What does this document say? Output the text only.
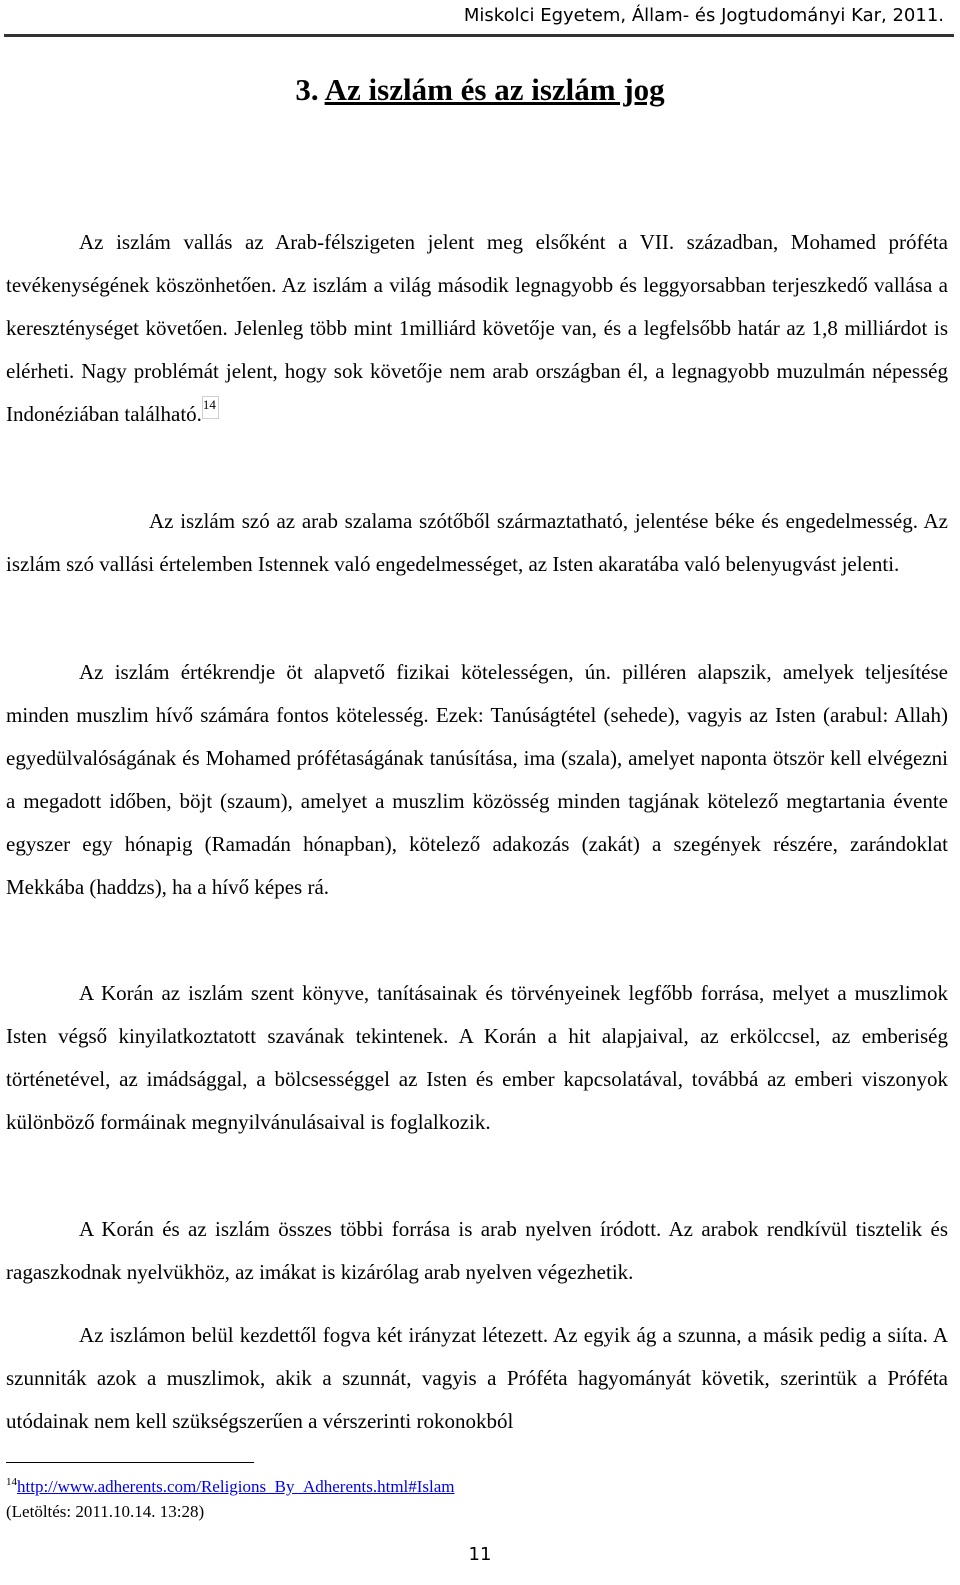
Miskolci Egyetem, Állam- és Jogtudományi Kar, 2011.
3. Az iszlám és az iszlám jog

Az iszlám vallás az Arab-félszigeten jelent meg elsőként a VII. században, Mohamed próféta tevékenységének köszönhetően. Az iszlám a világ második legnagyobb és leggyorsabban terjeszkedő vallása a kereszténységet követően. Jelenleg több mint 1milliárd követője van, és a legfelsőbb határ az 1,8 milliárdot is elérheti. Nagy problémát jelent, hogy sok követője nem arab országban él, a legnagyobb muzulmán népesség Indonéziában található.$^{14}$

Az iszlám szó az arab szalama szótőből származtatható, jelentése béke és engedelmesség. Az iszlám szó vallási értelemben Istennek való engedelmességet, az Isten akaratába való belenyugvást jelenti.

Az iszlám értékrendje öt alapvető fizikai kötelességen, ún. pilléren alapszik, amelyek teljesítése minden muszlim hívő számára fontos kötelesség. Ezek: Tanúságtétel (sehede), vagyis az Isten (arabul: Allah) egyedülvalóságának és Mohamed prófétaságának tanúsítása, ima (szala), amelyet naponta ötször kell elvégezni a megadott időben, böjt (szaum), amelyet a muszlim közösség minden tagjának kötelező megtartania évente egyszer egy hónapig (Ramadán hónapban), kötelező adakozás (zakát) a szegények részére, zarándoklat Mekkába (haddzs), ha a hívő képes rá.

A Korán az iszlám szent könyve, tanításainak és törvényeinek legfőbb forrása, melyet a muszlimok Isten végső kinyilatkoztatott szavának tekintenek. A Korán a hit alapjaival, az erkölccsel, az emberiség történetével, az imádsággal, a bölcsességgel az Isten és ember kapcsolatával, továbbá az emberi viszonyok különböző formáinak megnyilvánulásaival is foglalkozik.

A Korán és az iszlám összes többi forrása is arab nyelven íródott. Az arabok rendkívül tisztelik és ragaszkodnak nyelvükhöz, az imákat is kizárólag arab nyelven végezhetik.

Az iszlámon belül kezdettől fogva két irányzat létezett. Az egyik ág a szunna, a másik pedig a siíta. A szunniták azok a muszlimok, akik a szunnát, vagyis a Próféta hagyományát követik, szerintük a Próféta utódainak nem kell szükségszerűen a vérszerinti rokonokból

$^{14}$http://www.adherents.com/Religions_By_Adherents.html#Islam
(Letöltés: 2011.10.14. 13:28)
11
